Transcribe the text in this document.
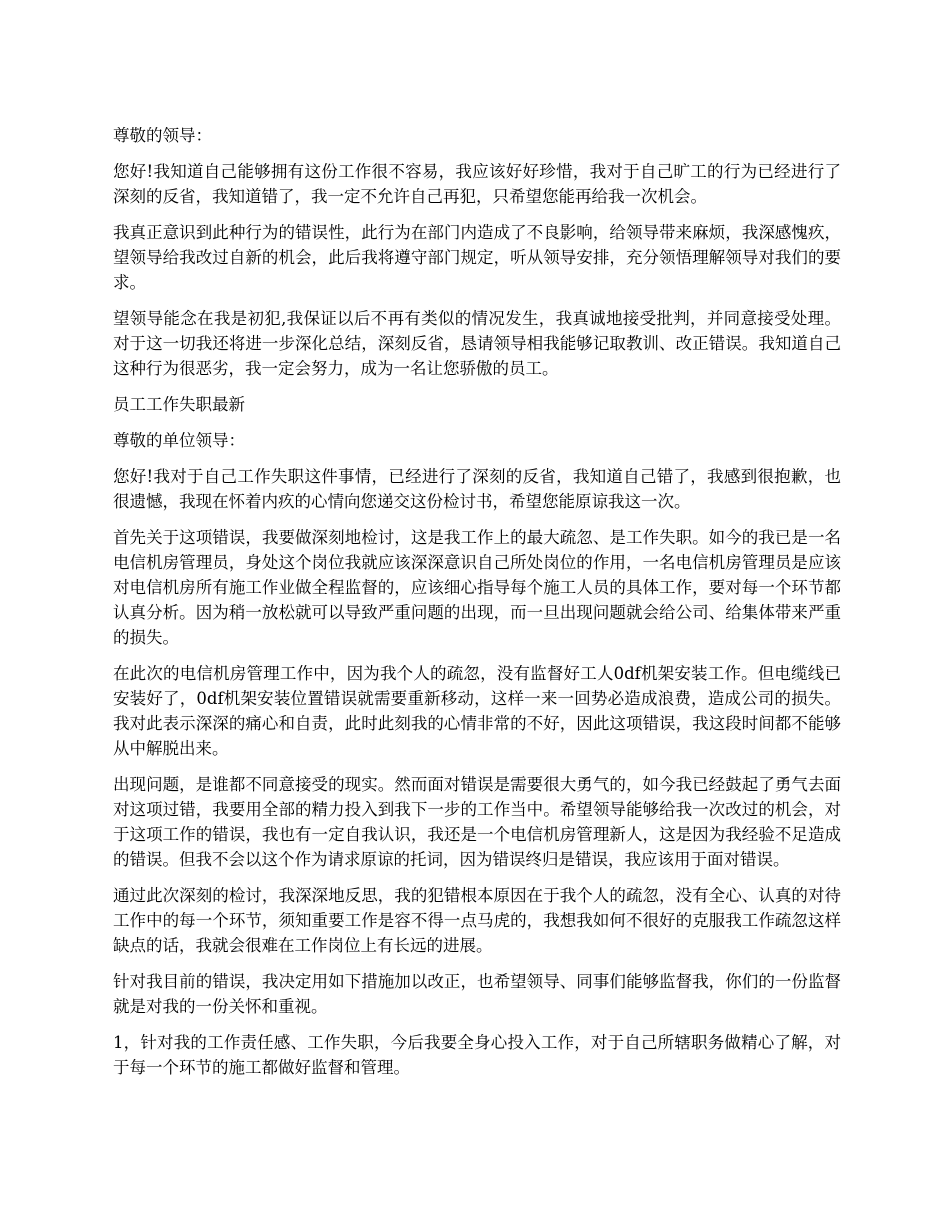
尊敬的领导：

您好!我知道自己能够拥有这份工作很不容易，我应该好好珍惜，我对于自己旷工的行为已经进行了深刻的反省，我知道错了，我一定不允许自己再犯，只希望您能再给我一次机会。

我真正意识到此种行为的错误性，此行为在部门内造成了不良影响，给领导带来麻烦，我深感愧疚，望领导给我改过自新的机会，此后我将遵守部门规定，听从领导安排，充分领悟理解领导对我们的要求。

望领导能念在我是初犯,我保证以后不再有类似的情况发生，我真诚地接受批判，并同意接受处理。对于这一切我还将进一步深化总结，深刻反省，恳请领导相我能够记取教训、改正错误。我知道自己这种行为很恶劣，我一定会努力，成为一名让您骄傲的员工。

员工工作失职最新

尊敬的单位领导：

您好!我对于自己工作失职这件事情，已经进行了深刻的反省，我知道自己错了，我感到很抱歉，也很遗憾，我现在怀着内疚的心情向您递交这份检讨书，希望您能原谅我这一次。

首先关于这项错误，我要做深刻地检讨，这是我工作上的最大疏忽、是工作失职。如今的我已是一名电信机房管理员，身处这个岗位我就应该深深意识自己所处岗位的作用，一名电信机房管理员是应该对电信机房所有施工作业做全程监督的，应该细心指导每个施工人员的具体工作，要对每一个环节都认真分析。因为稍一放松就可以导致严重问题的出现，而一旦出现问题就会给公司、给集体带来严重的损失。

在此次的电信机房管理工作中，因为我个人的疏忽，没有监督好工人0df机架安装工作。但电缆线已安装好了，0df机架安装位置错误就需要重新移动，这样一来一回势必造成浪费，造成公司的损失。我对此表示深深的痛心和自责，此时此刻我的心情非常的不好，因此这项错误，我这段时间都不能够从中解脱出来。

出现问题，是谁都不同意接受的现实。然而面对错误是需要很大勇气的，如今我已经鼓起了勇气去面对这项过错，我要用全部的精力投入到我下一步的工作当中。希望领导能够给我一次改过的机会，对于这项工作的错误，我也有一定自我认识，我还是一个电信机房管理新人，这是因为我经验不足造成的错误。但我不会以这个作为请求原谅的托词，因为错误终归是错误，我应该用于面对错误。

通过此次深刻的检讨，我深深地反思，我的犯错根本原因在于我个人的疏忽，没有全心、认真的对待工作中的每一个环节，须知重要工作是容不得一点马虎的，我想我如何不很好的克服我工作疏忽这样缺点的话，我就会很难在工作岗位上有长远的进展。

针对我目前的错误，我决定用如下措施加以改正，也希望领导、同事们能够监督我，你们的一份监督就是对我的一份关怀和重视。

1，针对我的工作责任感、工作失职，今后我要全身心投入工作，对于自己所辖职务做精心了解，对于每一个环节的施工都做好监督和管理。
